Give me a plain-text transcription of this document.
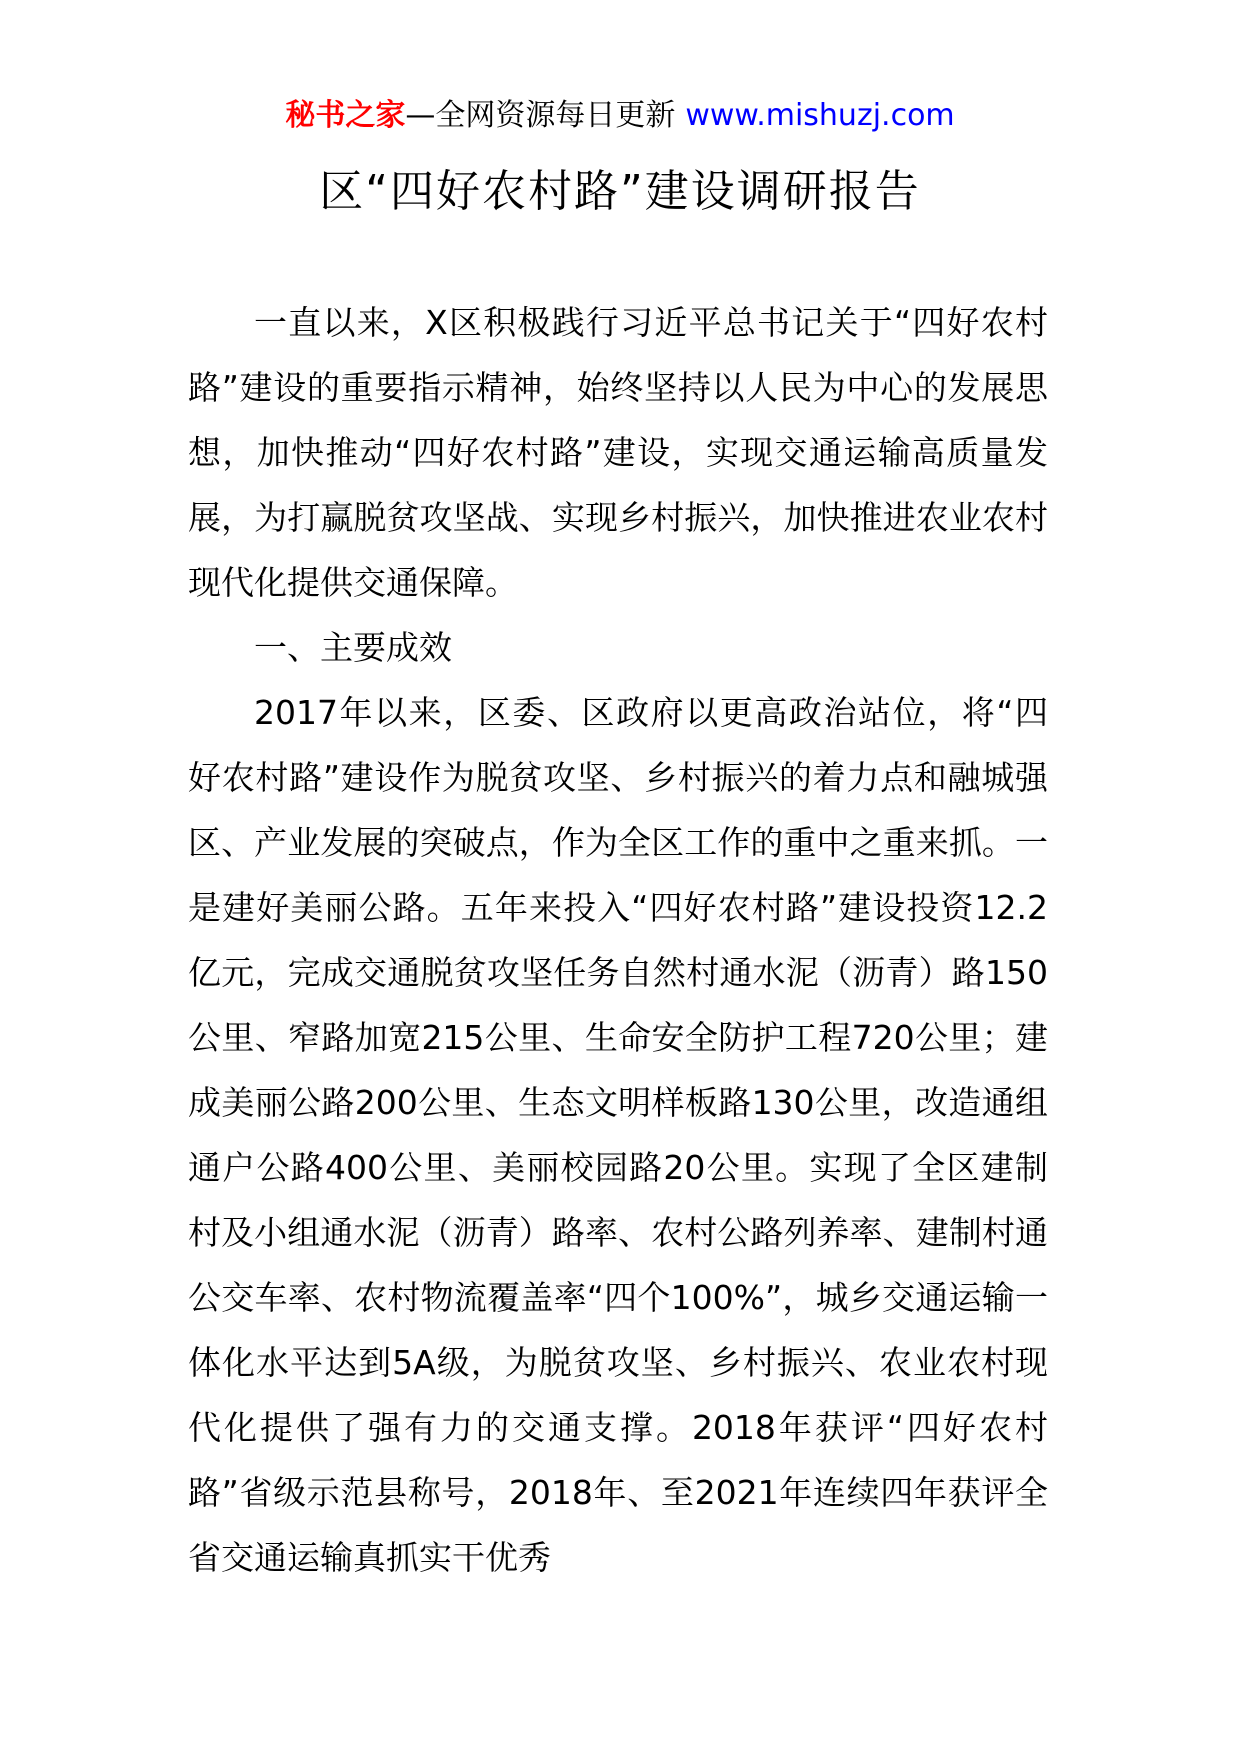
秘书之家—全网资源每日更新 www.mishuzj.com
区“四好农村路”建设调研报告

一直以来，X区积极践行习近平总书记关于“四好农村路”建设的重要指示精神，始终坚持以人民为中心的发展思想，加快推动“四好农村路”建设，实现交通运输高质量发展，为打赢脱贫攻坚战、实现乡村振兴，加快推进农业农村现代化提供交通保障。

一、主要成效

2017年以来，区委、区政府以更高政治站位，将“四好农村路”建设作为脱贫攻坚、乡村振兴的着力点和融城强区、产业发展的突破点，作为全区工作的重中之重来抓。一是建好美丽公路。五年来投入“四好农村路”建设投资12.2亿元，完成交通脱贫攻坚任务自然村通水泥（沥青）路150公里、窄路加宽215公里、生命安全防护工程720公里；建成美丽公路200公里、生态文明样板路130公里，改造通组通户公路400公里、美丽校园路20公里。实现了全区建制村及小组通水泥（沥青）路率、农村公路列养率、建制村通公交车率、农村物流覆盖率“四个100%”，城乡交通运输一体化水平达到5A级，为脱贫攻坚、乡村振兴、农业农村现代化提供了强有力的交通支撑。2018年获评“四好农村路”省级示范县称号，2018年、至2021年连续四年获评全省交通运输真抓实干优秀
